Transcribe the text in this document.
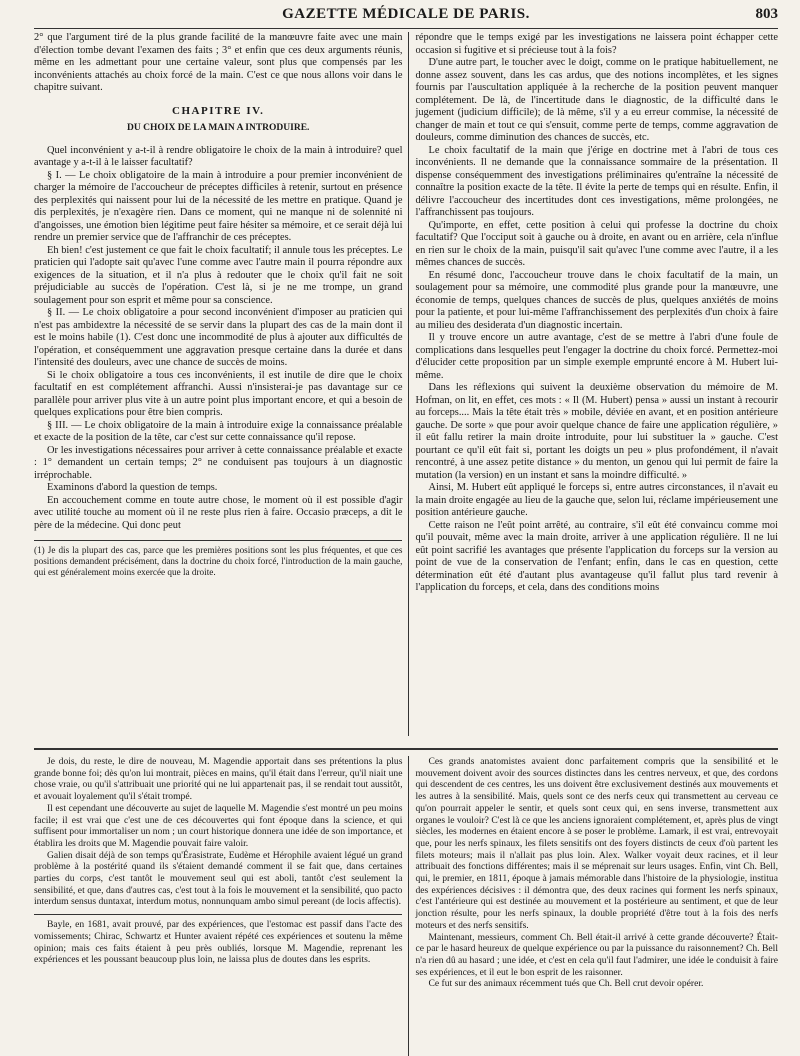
GAZETTE MÉDICALE DE PARIS.	803

2° que l'argument tiré de la plus grande facilité de la manœuvre faite avec une main d'élection tombe devant l'examen des faits ; 3° et enfin que ces deux arguments réunis, même en les admettant pour une certaine valeur, sont plus que compensés par les inconvénients attachés au choix forcé de la main. C'est ce que nous allons voir dans le chapitre suivant.

CHAPITRE IV.
DU CHOIX DE LA MAIN A INTRODUIRE.

Quel inconvénient y a-t-il à rendre obligatoire le choix de la main à introduire? quel avantage y a-t-il à le laisser facultatif?

§ I. — Le choix obligatoire de la main à introduire a pour premier inconvénient de charger la mémoire de l'accoucheur de préceptes difficiles à retenir, surtout en présence des perplexités qui naissent pour lui de la nécessité de les mettre en pratique. Quand je dis perplexités, je n'exagère rien. Dans ce moment, qui ne manque ni de solennité ni d'angoisses, une émotion bien légitime peut faire hésiter sa mémoire, et ce serait déjà lui rendre un premier service que de l'affranchir de ces préceptes.

Eh bien! c'est justement ce que fait le choix facultatif; il annule tous les préceptes. Le praticien qui l'adopte sait qu'avec l'une comme avec l'autre main il pourra répondre aux exigences de la situation, et il n'a plus à redouter que le choix qu'il fait ne soit préjudiciable au succès de l'opération. C'est là, si je ne me trompe, un grand soulagement pour son esprit et même pour sa conscience.

§ II. — Le choix obligatoire a pour second inconvénient d'imposer au praticien qui n'est pas ambidextre la nécessité de se servir dans la plupart des cas de la main dont il est le moins habile (1). C'est donc une incommodité de plus à ajouter aux difficultés de l'opération, et conséquemment une aggravation presque certaine dans la durée et dans l'intensité des douleurs, avec une chance de succès de moins.

Si le choix obligatoire a tous ces inconvénients, il est inutile de dire que le choix facultatif en est complétement affranchi. Aussi n'insisterai-je pas davantage sur ce parallèle pour arriver plus vite à un autre point plus important encore, et qui a besoin de quelques explications pour être bien compris.

§ III. — Le choix obligatoire de la main à introduire exige la connaissance préalable et exacte de la position de la tête, car c'est sur cette connaissance qu'il repose.

Or les investigations nécessaires pour arriver à cette connaissance préalable et exacte : 1° demandent un certain temps; 2° ne conduisent pas toujours à un diagnostic irréprochable.

Examinons d'abord la question de temps.

En accouchement comme en toute autre chose, le moment où il est possible d'agir avec utilité touche au moment où il ne reste plus rien à faire. Occasio præceps, a dit le père de la médecine. Qui donc peut

(1) Je dis la plupart des cas, parce que les premières positions sont les plus fréquentes, et que ces positions demandent précisément, dans la doctrine du choix forcé, l'introduction de la main gauche, qui est généralement moins exercée que la droite.

répondre que le temps exigé par les investigations ne laissera point échapper cette occasion si fugitive et si précieuse tout à la fois?

D'une autre part, le toucher avec le doigt, comme on le pratique habituellement, ne donne assez souvent, dans les cas ardus, que des notions incomplètes, et les signes fournis par l'auscultation appliquée à la recherche de la position peuvent manquer complétement. De là, de l'incertitude dans le diagnostic, de la difficulté dans le jugement (judicium difficile); de là même, s'il y a eu erreur commise, la nécessité de changer de main et tout ce qui s'ensuit, comme perte de temps, comme aggravation de douleurs, comme diminution des chances de succès, etc.

Le choix facultatif de la main que j'érige en doctrine met à l'abri de tous ces inconvénients. Il ne demande que la connaissance sommaire de la présentation. Il dispense conséquemment des investigations préliminaires qu'entraîne la nécessité de connaître la position exacte de la tête. Il évite la perte de temps qui en résulte. Enfin, il délivre l'accoucheur des incertitudes dont ces investigations, même prolongées, ne l'affranchissent pas toujours.

Qu'importe, en effet, cette position à celui qui professe la doctrine du choix facultatif? Que l'occiput soit à gauche ou à droite, en avant ou en arrière, cela n'influe en rien sur le choix de la main, puisqu'il sait qu'avec l'une comme avec l'autre, il a les mêmes chances de succès.

En résumé donc, l'accoucheur trouve dans le choix facultatif de la main, un soulagement pour sa mémoire, une commodité plus grande pour la manœuvre, une économie de temps, quelques chances de succès de plus, quelques anxiétés de moins pour la patiente, et pour lui-même l'affranchissement des perplexités d'un choix à faire au milieu des desiderata d'un diagnostic incertain.

Il y trouve encore un autre avantage, c'est de se mettre à l'abri d'une foule de complications dans lesquelles peut l'engager la doctrine du choix forcé. Permettez-moi d'élucider cette proposition par un simple exemple emprunté encore à M. Hubert lui-même.

Dans les réflexions qui suivent la deuxième observation du mémoire de M. Hofman, on lit, en effet, ces mots : « Il (M. Hubert) pensa » aussi un instant à recourir au forceps.... Mais la tête était très » mobile, déviée en avant, et en position antérieure gauche. De sorte » que pour avoir quelque chance de faire une application régulière, » il eût fallu retirer la main droite introduite, pour lui substituer la » gauche. C'est pourtant ce qu'il eût fait si, portant les doigts un peu » plus profondément, il n'avait rencontré, à une assez petite distance » du menton, un genou qui lui permit de faire la mutation (la version) en un instant et sans la moindre difficulté. »

Ainsi, M. Hubert eût appliqué le forceps si, entre autres circonstances, il n'avait eu la main droite engagée au lieu de la gauche que, selon lui, réclame impérieusement une position antérieure gauche.

Cette raison ne l'eût point arrêté, au contraire, s'il eût été convaincu comme moi qu'il pouvait, même avec la main droite, arriver à une application régulière. Il ne lui eût point sacrifié les avantages que présente l'application du forceps sur la version au point de vue de la conservation de l'enfant; enfin, dans le cas en question, cette détermination eût été d'autant plus avantageuse qu'il fallut plus tard revenir à l'application du forceps, et cela, dans des conditions moins

Je dois, du reste, le dire de nouveau, M. Magendie apportait dans ses prétentions la plus grande bonne foi; dès qu'on lui montrait, pièces en mains, qu'il était dans l'erreur, qu'il niait une chose vraie, ou qu'il s'attribuait une priorité qui ne lui appartenait pas, il se rendait tout aussitôt, et avouait loyalement qu'il s'était trompé.

Il est cependant une découverte au sujet de laquelle M. Magendie s'est montré un peu moins facile; il est vrai que c'est une de ces découvertes qui font époque dans la science, et qui suffisent pour immortaliser un nom ; un court historique donnera une idée de son importance, et établira les droits que M. Magendie pouvait faire valoir.

Galien disait déjà de son temps qu'Érasistrate, Eudème et Hérophile avaient légué un grand problème à la postérité quand ils s'étaient demandé comment il se fait que, dans certaines parties du corps, c'est tantôt le mouvement seul qui est aboli, tantôt c'est seulement la sensibilité, et que, dans d'autres cas, c'est tout à la fois le mouvement et la sensibilité, quo pacto interdum sensus duntaxat, interdum motus, nonnunquam ambo simul pereant (de locis affectis).

Bayle, en 1681, avait prouvé, par des expériences, que l'estomac est passif dans l'acte des vomissements; Chirac, Schwartz et Hunter avaient répété ces expériences et soutenu la même opinion; mais ces faits étaient à peu près oubliés, lorsque M. Magendie, reprenant les expériences et les poussant beaucoup plus loin, ne laissa plus de doutes dans les esprits.

Ces grands anatomistes avaient donc parfaitement compris que la sensibilité et le mouvement doivent avoir des sources distinctes dans les centres nerveux, et que, des cordons qui descendent de ces centres, les uns doivent être exclusivement destinés aux mouvements et les autres à la sensibilité. Mais, quels sont ce des nerfs ceux qui transmettent au cerveau ce qu'on pourrait appeler le sentir, et quels sont ceux qui, en sens inverse, transmettent aux organes le vouloir? C'est là ce que les anciens ignoraient complétement, et, après plus de vingt siècles, les modernes en étaient encore à se poser le problème. Lamark, il est vrai, entrevoyait que, pour les nerfs spinaux, les filets sensitifs ont des foyers distincts de ceux d'où partent les filets moteurs; mais il n'allait pas plus loin. Alex. Walker voyait deux racines, et il leur attribuait des fonctions différentes; mais il se méprenait sur leurs usages. Enfin, vint Ch. Bell, qui, le premier, en 1811, époque à jamais mémorable dans l'histoire de la physiologie, institua des expériences décisives : il démontra que, des deux racines qui forment les nerfs spinaux, c'est l'antérieure qui est destinée au mouvement et la postérieure au sentiment, et que de leur jonction résulte, pour les nerfs spinaux, la double propriété d'être tout à la fois des nerfs moteurs et des nerfs sensitifs.

Maintenant, messieurs, comment Ch. Bell était-il arrivé à cette grande découverte? Était-ce par le hasard heureux de quelque expérience ou par la puissance du raisonnement? Ch. Bell n'a rien dû au hasard ; une idée, et c'est en cela qu'il faut l'admirer, une idée le conduisit à faire ses expériences, et il eut le bon esprit de les raisonner.

Ce fut sur des animaux récemment tués que Ch. Bell crut devoir opérer.
